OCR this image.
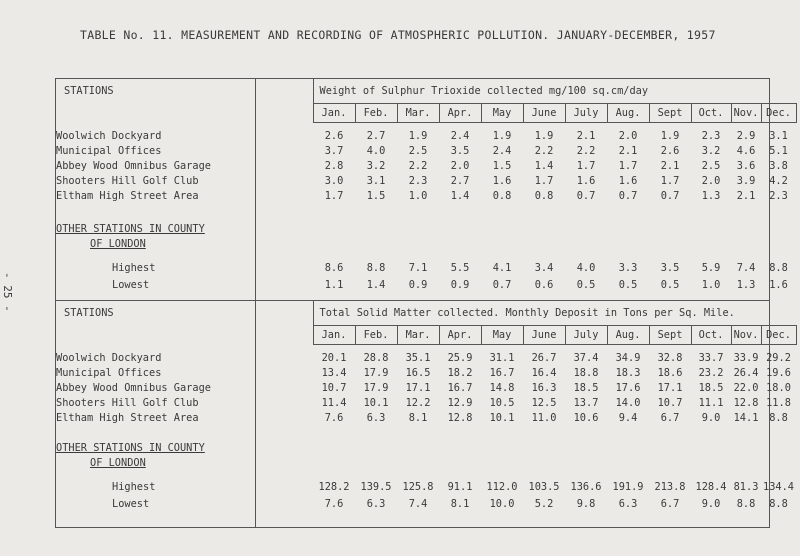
TABLE No. 11. MEASUREMENT AND RECORDING OF ATMOSPHERIC POLLUTION. JANUARY-DECEMBER, 1957
- 25 -
STATIONS	Weight of Sulphur Trioxide collected mg/100 sq.cm/day											
	Jan.	Feb.	Mar.	Apr.	May	June	July	Aug.	Sept	Oct.	Nov.	Dec.

Woolwich Dockyard	2.6	2.7	1.9	2.4	1.9	1.9	2.1	2.0	1.9	2.3	2.9	3.1
Municipal Offices	3.7	4.0	2.5	3.5	2.4	2.2	2.2	2.1	2.6	3.2	4.6	5.1
Abbey Wood Omnibus Garage	2.8	3.2	2.2	2.0	1.5	1.4	1.7	1.7	2.1	2.5	3.6	3.8
Shooters Hill Golf Club	3.0	3.1	2.3	2.7	1.6	1.7	1.6	1.6	1.7	2.0	3.9	4.2
Eltham High Street Area	1.7	1.5	1.0	1.4	0.8	0.8	0.7	0.7	0.7	1.3	2.1	2.3

OTHER STATIONS IN COUNTY												
OF LONDON												

Highest	8.6	8.8	7.1	5.5	4.1	3.4	4.0	3.3	3.5	5.9	7.4	8.8
Lowest	1.1	1.4	0.9	0.9	0.7	0.6	0.5	0.5	0.5	1.0	1.3	1.6
STATIONS	Total Solid Matter collected. Monthly Deposit in Tons per Sq. Mile.											
	Jan.	Feb.	Mar.	Apr.	May	June	July	Aug.	Sept	Oct.	Nov.	Dec.

Woolwich Dockyard	20.1	28.8	35.1	25.9	31.1	26.7	37.4	34.9	32.8	33.7	33.9	29.2
Municipal Offices	13.4	17.9	16.5	18.2	16.7	16.4	18.8	18.3	18.6	23.2	26.4	19.6
Abbey Wood Omnibus Garage	10.7	17.9	17.1	16.7	14.8	16.3	18.5	17.6	17.1	18.5	22.0	18.0
Shooters Hill Golf Club	11.4	10.1	12.2	12.9	10.5	12.5	13.7	14.0	10.7	11.1	12.8	11.8
Eltham High Street Area	7.6	6.3	8.1	12.8	10.1	11.0	10.6	9.4	6.7	9.0	14.1	8.8

OTHER STATIONS IN COUNTY												
OF LONDON												

Highest	128.2	139.5	125.8	91.1	112.0	103.5	136.6	191.9	213.8	128.4	81.3	134.4
Lowest	7.6	6.3	7.4	8.1	10.0	5.2	9.8	6.3	6.7	9.0	8.8	8.8
